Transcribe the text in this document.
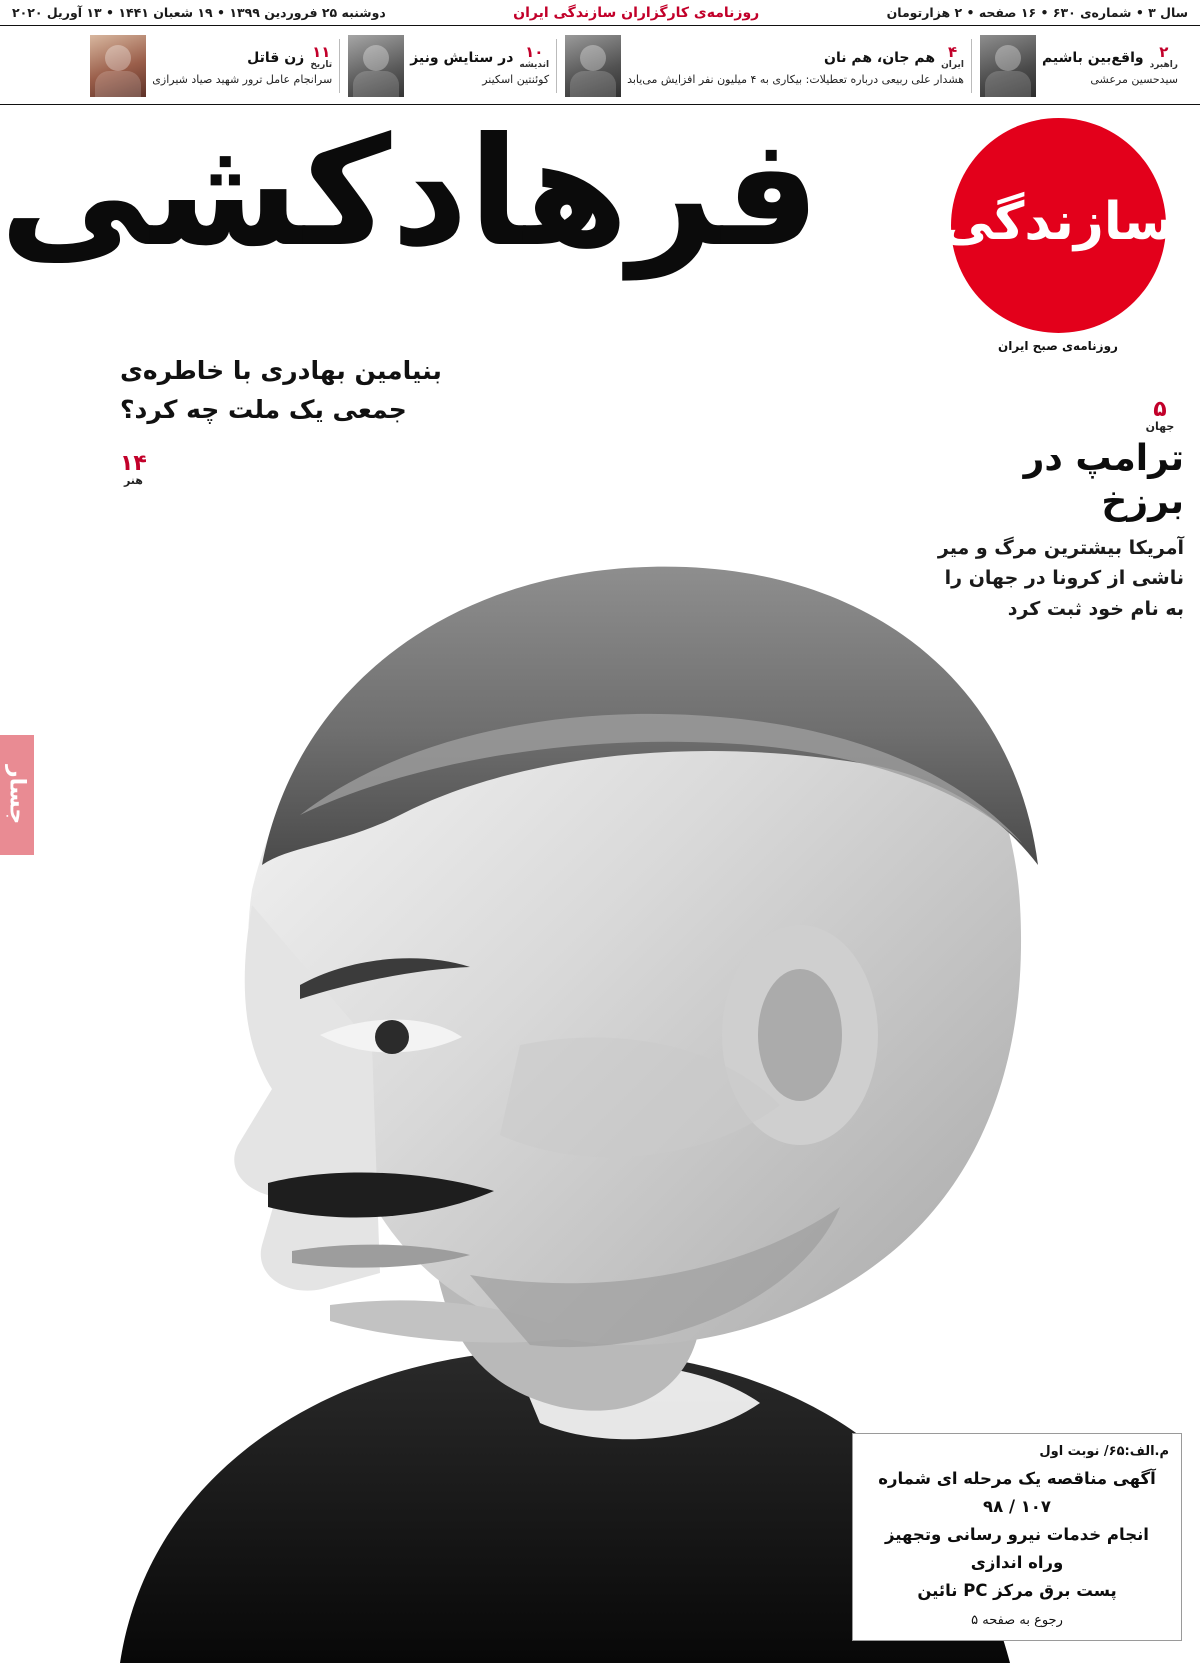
سال ۳ • شماره‌ی ۶۳۰ • ۱۶ صفحه • ۲ هزارتومان
روزنامه‌ی کارگزاران سازندگی ایران
دوشنبه ۲۵ فروردین ۱۳۹۹ • ۱۹ شعبان ۱۴۴۱ • ۱۳ آوریل ۲۰۲۰
۲
راهبرد
واقع‌بین باشیم
سیدحسین مرعشی
۴
ایران
هم جان، هم نان
هشدار علی ربیعی درباره تعطیلات: بیکاری به ۴ میلیون نفر افزایش می‌یابد
۱۰
اندیشه
در ستایش ونیز
کوئنتین اسکینر
۱۱
تاریخ
زن قاتل
سرانجام عامل ترور شهید صیاد شیرازی
سازندگی
روزنامه‌ی صبح ایران
فرهادکشی
بنیامین بهادری با خاطره‌ی جمعی یک ملت چه کرد؟
۱۴
هنر
۵
جهان
ترامپ در برزخ
آمریکا بیشترین مرگ و میر ناشی از کرونا در جهان را به نام خود ثبت کرد
جسار
م.الف:۶۵/ نوبت اول
آگهی مناقصه یک مرحله ای شماره ۱۰۷ / ۹۸
انجام خدمات نیرو رسانی وتجهیز وراه اندازی
پست برق مرکز PC نائین
رجوع به صفحه ۵
